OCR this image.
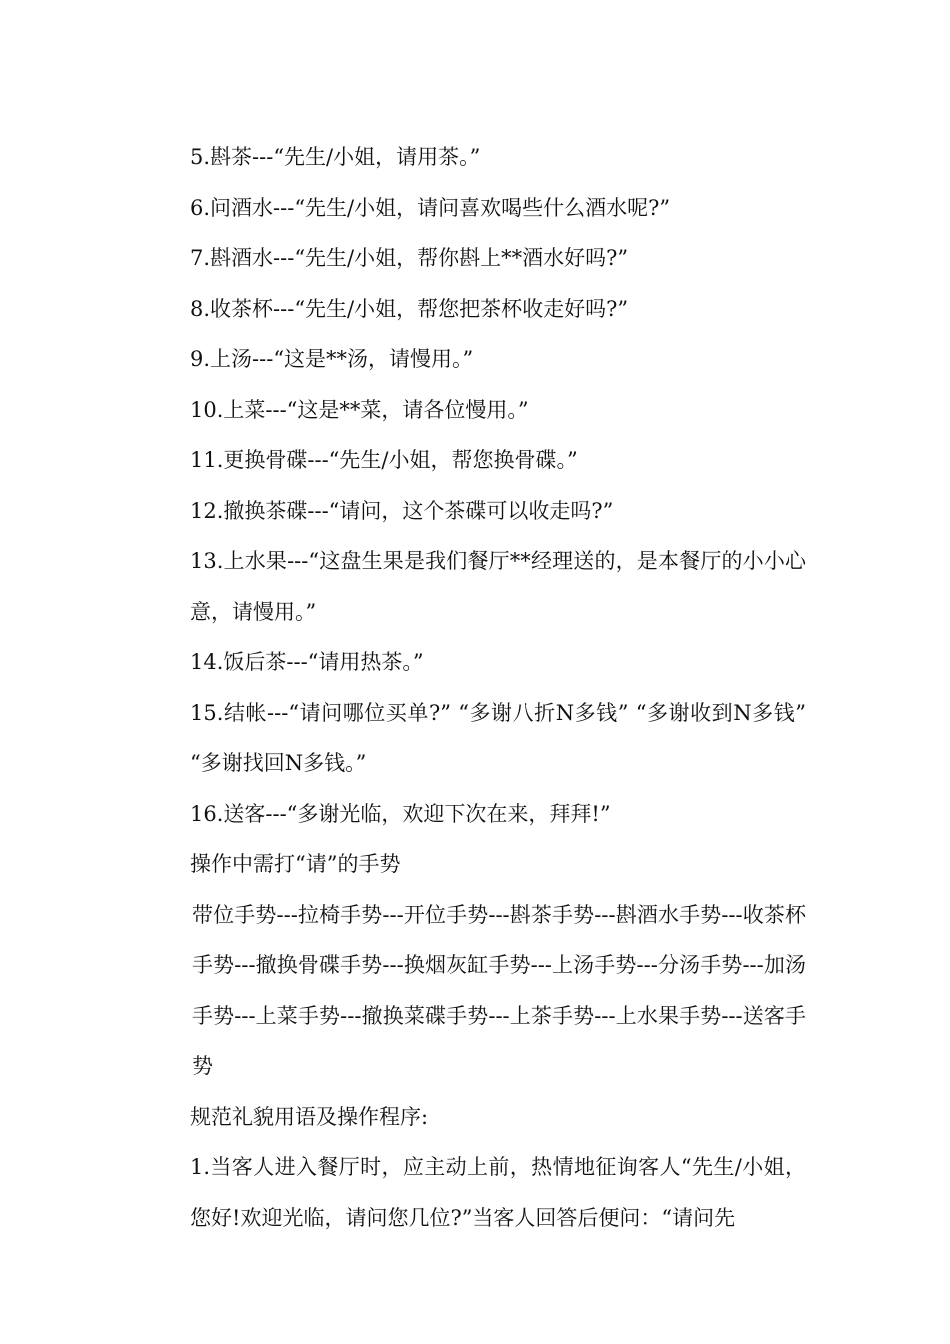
5.斟茶---“先生/小姐，请用茶。”
6.问酒水---“先生/小姐，请问喜欢喝些什么酒水呢?”
7.斟酒水---“先生/小姐，帮你斟上**酒水好吗?”
8.收茶杯---“先生/小姐，帮您把茶杯收走好吗?”
9.上汤---“这是**汤，请慢用。”
10.上菜---“这是**菜，请各位慢用。”
11.更换骨碟---“先生/小姐，帮您换骨碟。”
12.撤换茶碟---“请问，这个茶碟可以收走吗?”
13.上水果---“这盘生果是我们餐厅**经理送的，是本餐厅的小小心意，请慢用。”
14.饭后茶---“请用热茶。”
15.结帐---“请问哪位买单?” “多谢八折N多钱” “多谢收到N多钱” “多谢找回N多钱。”
16.送客---“多谢光临，欢迎下次在来，拜拜!”
操作中需打“请”的手势
带位手势---拉椅手势---开位手势---斟茶手势---斟酒水手势---收茶杯手势---撤换骨碟手势---换烟灰缸手势---上汤手势---分汤手势---加汤手势---上菜手势---撤换菜碟手势---上茶手势---上水果手势---送客手势
规范礼貌用语及操作程序:
1.当客人进入餐厅时，应主动上前，热情地征询客人“先生/小姐，您好!欢迎光临，请问您几位?”当客人回答后便问：“请问先
